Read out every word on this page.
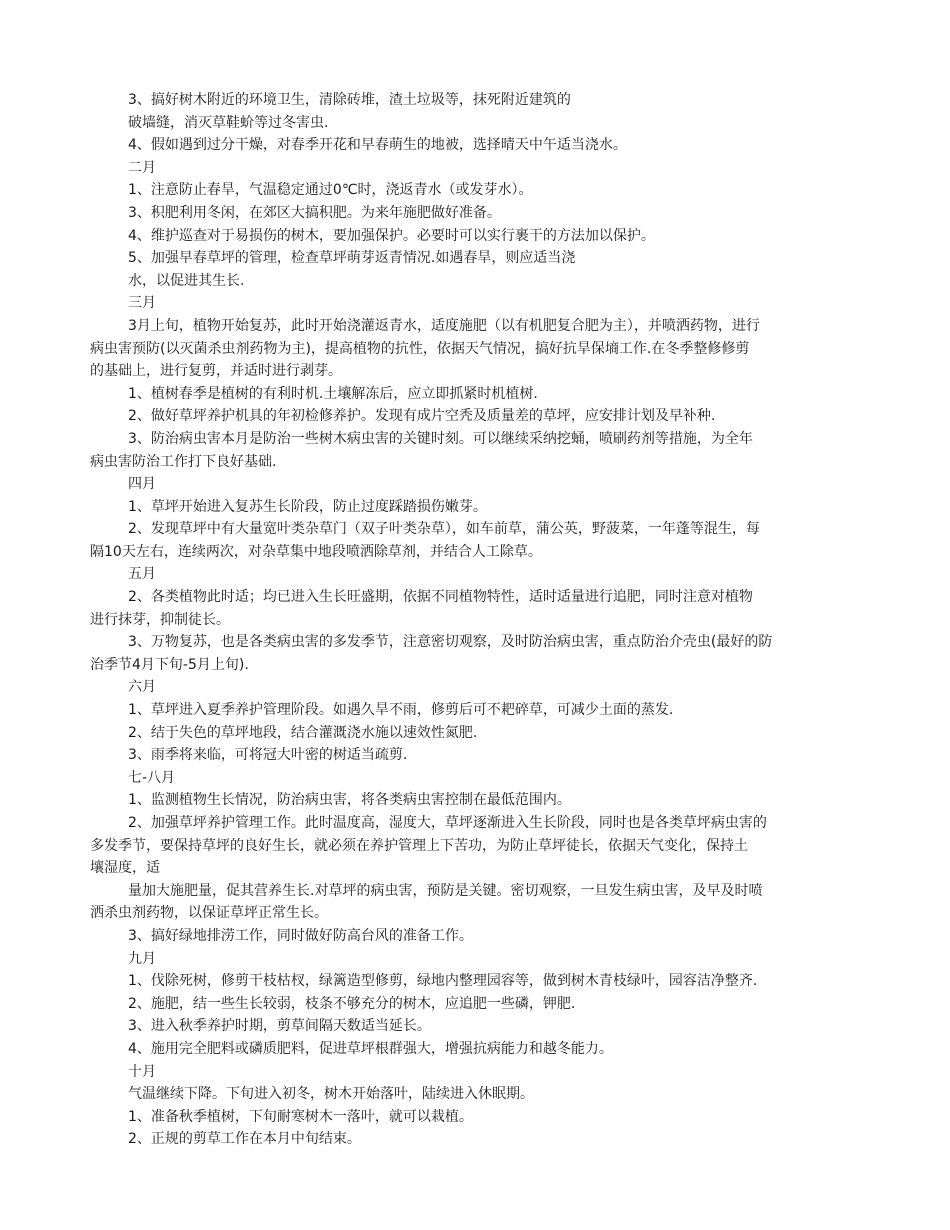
3、搞好树木附近的环境卫生，清除砖堆，渣土垃圾等，抹死附近建筑的
破墙缝，消灭草鞋蚧等过冬害虫.
4、假如遇到过分干燥，对春季开花和早春萌生的地被，选择晴天中午适当浇水。
二月
1、注意防止春旱，气温稳定通过0℃时，浇返青水（或发芽水）。
3、积肥利用冬闲，在郊区大搞积肥。为来年施肥做好准备。
4、维护巡查对于易损伤的树木，要加强保护。必要时可以实行裹干的方法加以保护。
5、加强早春草坪的管理，检查草坪萌芽返青情况.如遇春旱，则应适当浇
水，以促进其生长.
三月
3月上旬，植物开始复苏，此时开始浇灌返青水，适度施肥（以有机肥复合肥为主），并喷洒药物，进行
病虫害预防(以灭菌杀虫剂药物为主)，提高植物的抗性，依据天气情况，搞好抗旱保墒工作.在冬季整修修剪
的基础上，进行复剪，并适时进行剥芽。
1、植树春季是植树的有利时机.土壤解冻后，应立即抓紧时机植树.
2、做好草坪养护机具的年初检修养护。发现有成片空秃及质量差的草坪，应安排计划及早补种.
3、防治病虫害本月是防治一些树木病虫害的关键时刻。可以继续采纳挖蛹，喷刷药剂等措施，为全年
病虫害防治工作打下良好基础.
四月
1、草坪开始进入复苏生长阶段，防止过度踩踏损伤嫩芽。
2、发现草坪中有大量宽叶类杂草门（双子叶类杂草），如车前草，蒲公英，野菠菜，一年蓬等混生，每
隔10天左右，连续两次，对杂草集中地段喷洒除草剂，并结合人工除草。
五月
2、各类植物此时适；均已进入生长旺盛期，依据不同植物特性，适时适量进行追肥，同时注意对植物
进行抹芽，抑制徒长。
3、万物复苏，也是各类病虫害的多发季节，注意密切观察，及时防治病虫害，重点防治介壳虫(最好的防
治季节4月下旬-5月上旬).
六月
1、草坪进入夏季养护管理阶段。如遇久旱不雨，修剪后可不耙碎草，可减少土面的蒸发.
2、结于失色的草坪地段，结合灌溉浇水施以速效性氮肥.
3、雨季将来临，可将冠大叶密的树适当疏剪.
七-八月
1、监测植物生长情况，防治病虫害，将各类病虫害控制在最低范围内。
2、加强草坪养护管理工作。此时温度高，湿度大，草坪逐渐进入生长阶段，同时也是各类草坪病虫害的
多发季节，要保持草坪的良好生长，就必须在养护管理上下苦功，为防止草坪徒长，依据天气变化，保持土
壤湿度，适
量加大施肥量，促其营养生长.对草坪的病虫害，预防是关键。密切观察，一旦发生病虫害，及早及时喷
洒杀虫剂药物，以保证草坪正常生长。
3、搞好绿地排涝工作，同时做好防高台风的准备工作。
九月
1、伐除死树，修剪干枝枯杈，绿篱造型修剪，绿地内整理园容等，做到树木青枝绿叶，园容洁净整齐.
2、施肥，结一些生长较弱，枝条不够充分的树木，应追肥一些磷，钾肥.
3、进入秋季养护时期，剪草间隔天数适当延长。
4、施用完全肥料或磷质肥料，促进草坪根群强大，增强抗病能力和越冬能力。
十月
气温继续下降。下旬进入初冬，树木开始落叶，陆续进入休眠期。
1、准备秋季植树，下旬耐寒树木一落叶，就可以栽植。
2、正规的剪草工作在本月中旬结束。
